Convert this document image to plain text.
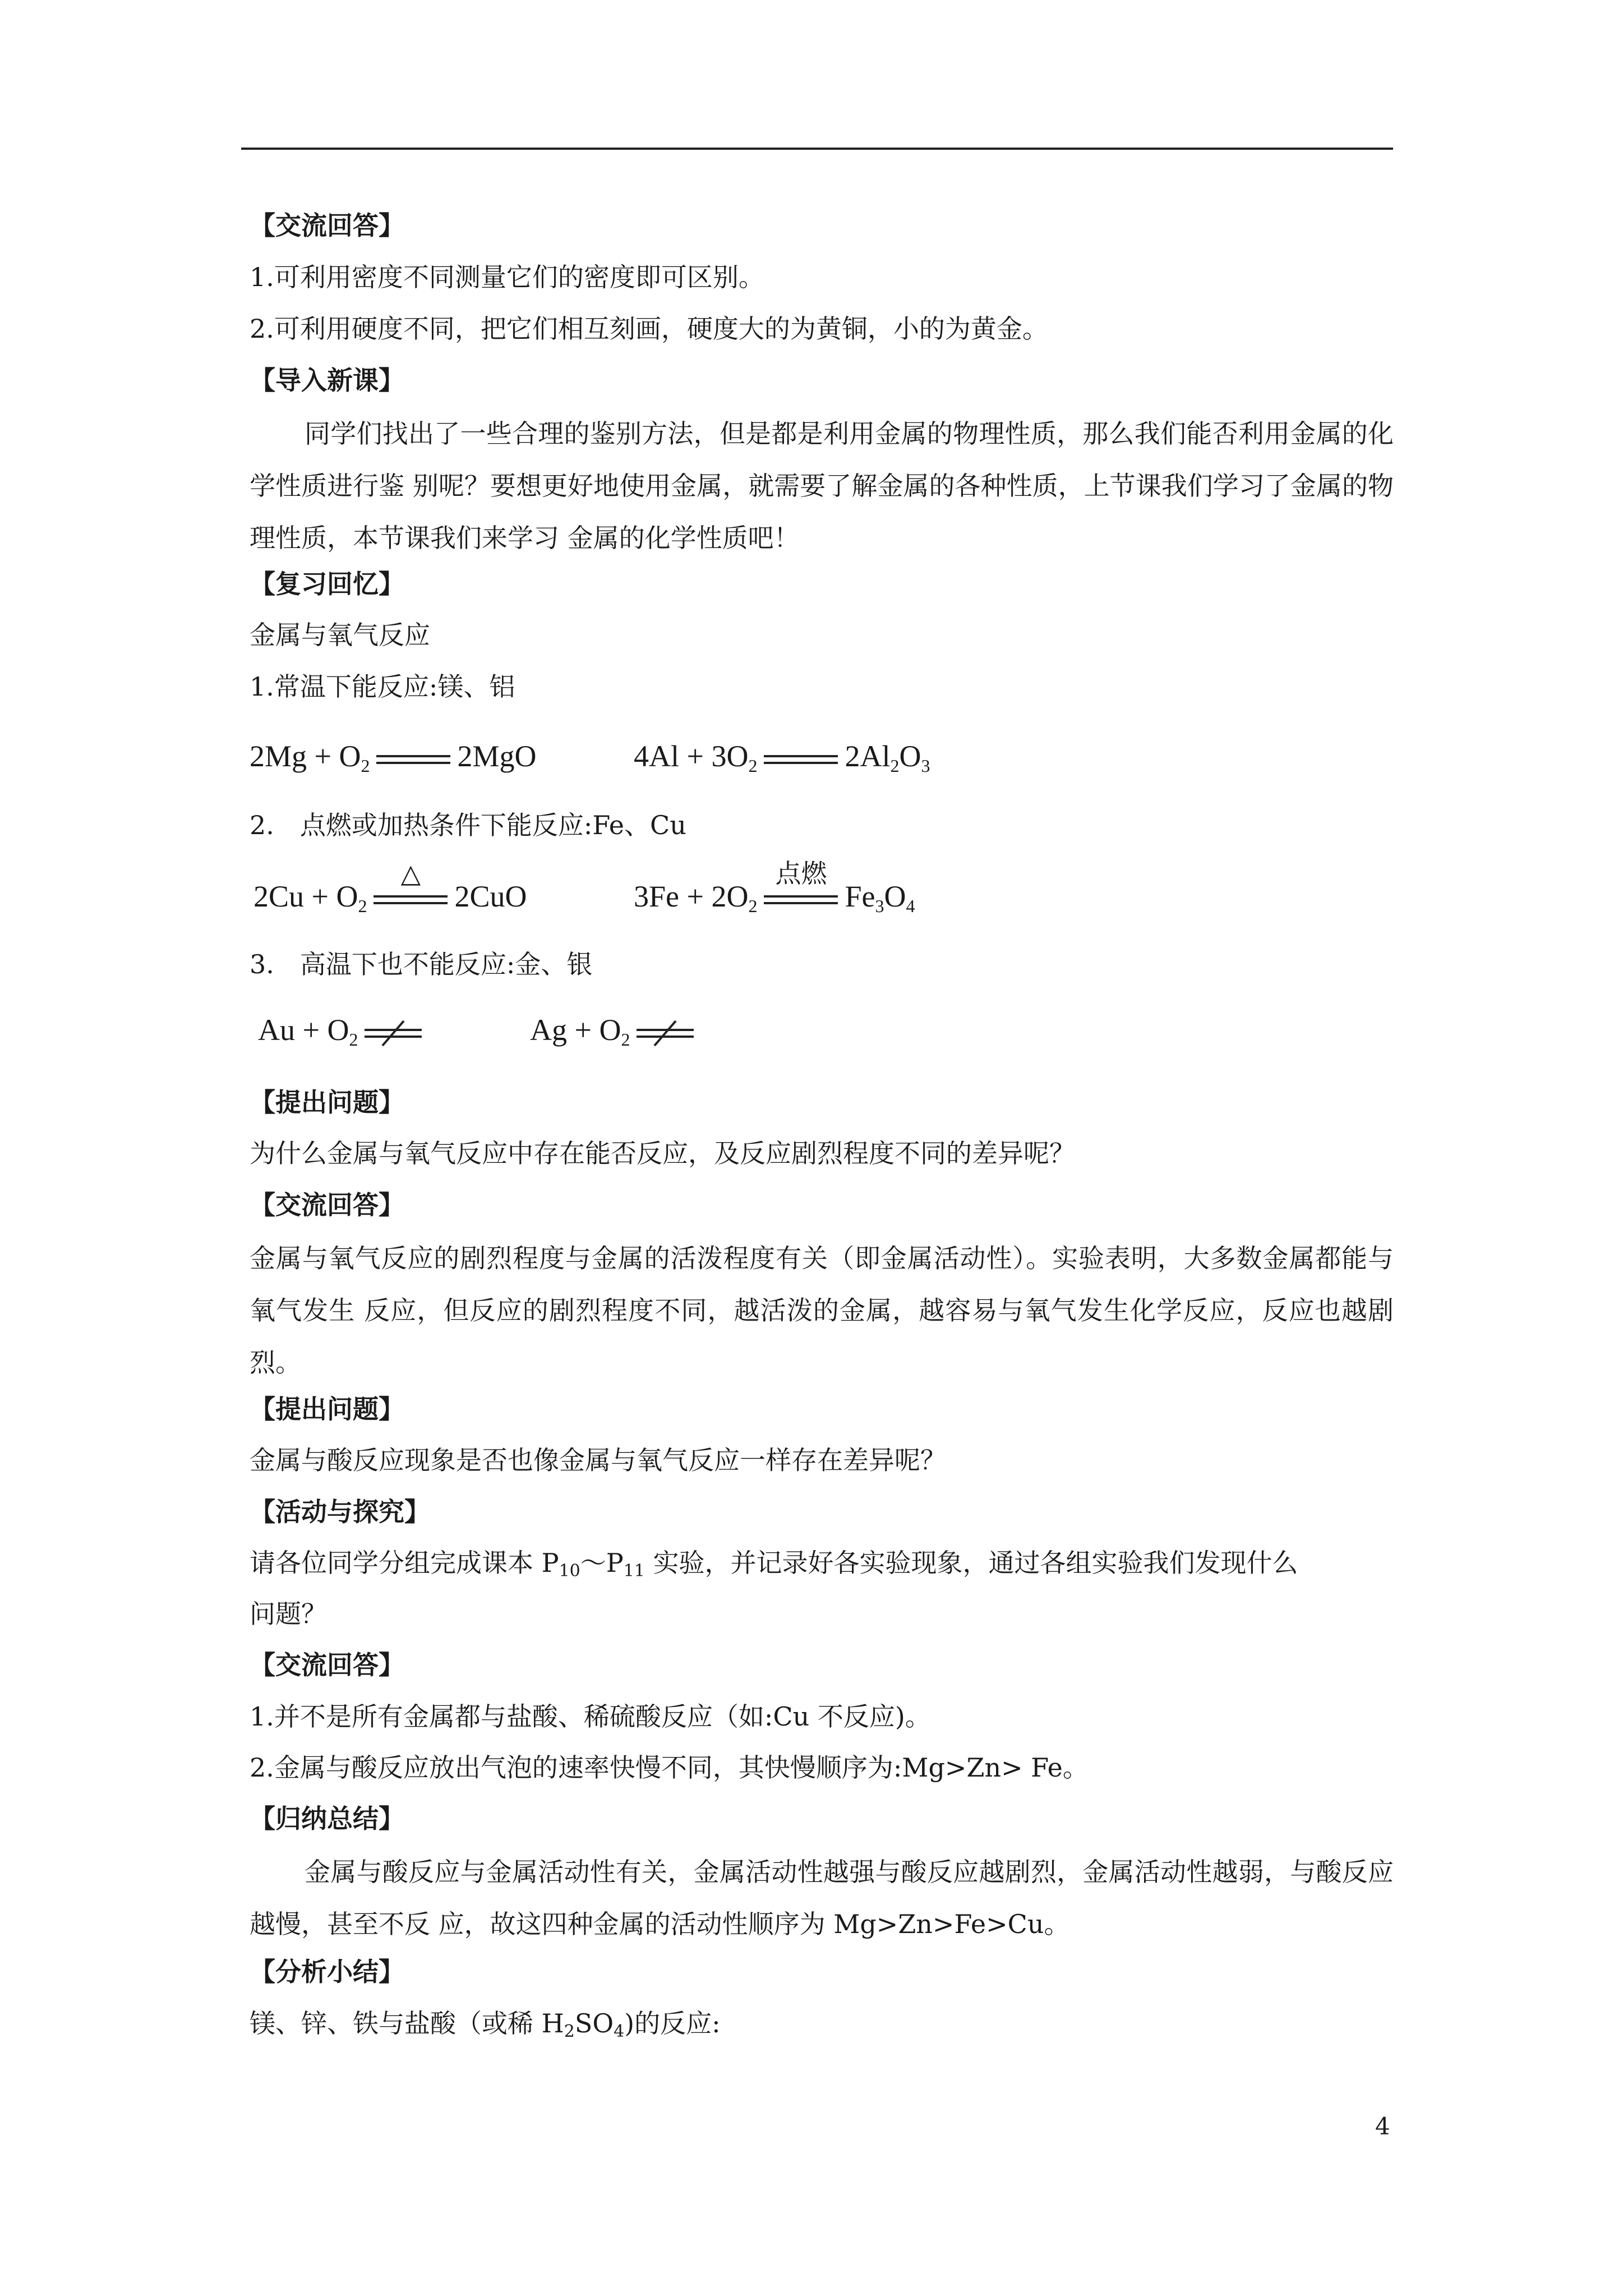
【交流回答】
1.可利用密度不同测量它们的密度即可区别。
2.可利用硬度不同，把它们相互刻画，硬度大的为黄铜，小的为黄金。
【导入新课】
同学们找出了一些合理的鉴别方法，但是都是利用金属的物理性质，那么我们能否利用金属的化学性质进行鉴 别呢？要想更好地使用金属，就需要了解金属的各种性质，上节课我们学习了金属的物理性质，本节课我们来学习 金属的化学性质吧！
【复习回忆】
金属与氧气反应
1.常温下能反应:镁、铝
$2Mg + O_2$	2MgO	$4Al + 3O_2$	$2Al_2O_3$
2.　点燃或加热条件下能反应:Fe、Cu
$2Cu + O_2$
△
2CuO	$3Fe + 2O_2$
点燃
$Fe_3O_4$
3.　高温下也不能反应:金、银
$Au + O_2$	$Ag + O_2$
【提出问题】
为什么金属与氧气反应中存在能否反应，及反应剧烈程度不同的差异呢？
【交流回答】
金属与氧气反应的剧烈程度与金属的活泼程度有关（即金属活动性）。实验表明，大多数金属都能与氧气发生 反应，但反应的剧烈程度不同，越活泼的金属，越容易与氧气发生化学反应，反应也越剧烈。
【提出问题】
金属与酸反应现象是否也像金属与氧气反应一样存在差异呢？
【活动与探究】
请各位同学分组完成课本 $P_{10}\sim P_{11}$ 实验，并记录好各实验现象，通过各组实验我们发现什么
问题？
【交流回答】
1.并不是所有金属都与盐酸、稀硫酸反应（如:Cu 不反应)。
2.金属与酸反应放出气泡的速率快慢不同，其快慢顺序为:Mg>Zn> Fe。
【归纳总结】
金属与酸反应与金属活动性有关，金属活动性越强与酸反应越剧烈，金属活动性越弱，与酸反应越慢，甚至不反 应，故这四种金属的活动性顺序为 Mg>Zn>Fe>Cu。
【分析小结】
镁、锌、铁与盐酸（或稀 $H_2SO_4$)的反应:
4
